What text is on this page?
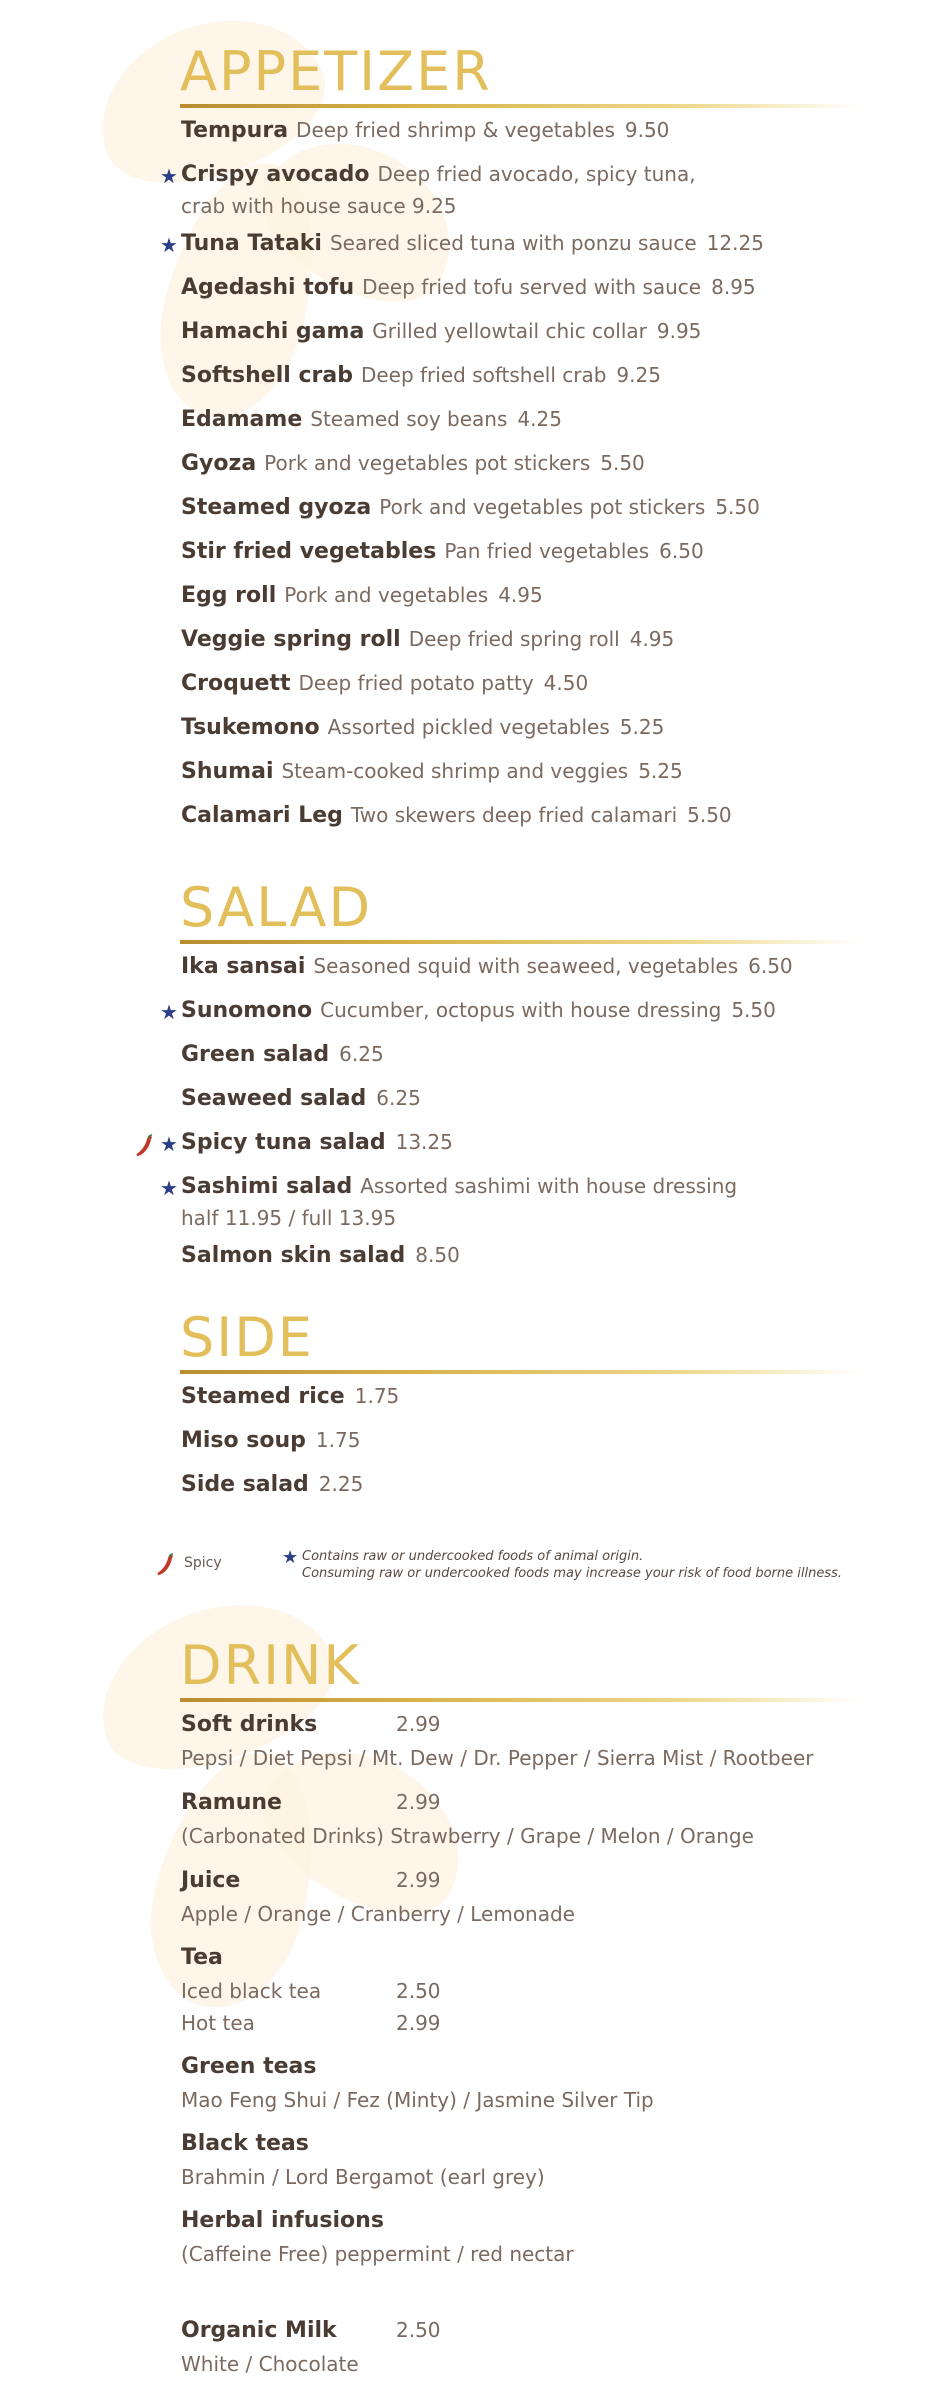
APPETIZER
Tempura Deep fried shrimp & vegetables 9.50
★ Crispy avocado Deep fried avocado, spicy tuna,
crab with house sauce 9.25
★ Tuna Tataki Seared sliced tuna with ponzu sauce 12.25
Agedashi tofu Deep fried tofu served with sauce 8.95
Hamachi gama Grilled yellowtail chic collar 9.95
Softshell crab Deep fried softshell crab 9.25
Edamame Steamed soy beans 4.25
Gyoza Pork and vegetables pot stickers 5.50
Steamed gyoza Pork and vegetables pot stickers 5.50
Stir fried vegetables Pan fried vegetables 6.50
Egg roll Pork and vegetables 4.95
Veggie spring roll Deep fried spring roll 4.95
Croquett Deep fried potato patty 4.50
Tsukemono Assorted pickled vegetables 5.25
Shumai Steam-cooked shrimp and veggies 5.25
Calamari Leg Two skewers deep fried calamari 5.50
SALAD
Ika sansai Seasoned squid with seaweed, vegetables 6.50
★ Sunomono Cucumber, octopus with house dressing 5.50
Green salad 6.25
Seaweed salad 6.25
★ Spicy tuna salad 13.25
★ Sashimi salad Assorted sashimi with house dressing
half 11.95 / full 13.95
Salmon skin salad 8.50
SIDE
Steamed rice 1.75
Miso soup 1.75
Side salad 2.25
Spicy	★ Contains raw or undercooked foods of animal origin.
Consuming raw or undercooked foods may increase your risk of food borne illness.
DRINK
Soft drinks	2.99
Pepsi / Diet Pepsi / Mt. Dew / Dr. Pepper / Sierra Mist / Rootbeer
Ramune	2.99
(Carbonated Drinks) Strawberry / Grape / Melon / Orange
Juice	2.99
Apple / Orange / Cranberry / Lemonade
Tea
Iced black tea	2.50
Hot tea	2.99
Green teas
Mao Feng Shui / Fez (Minty) / Jasmine Silver Tip
Black teas
Brahmin / Lord Bergamot (earl grey)
Herbal infusions
(Caffeine Free) peppermint / red nectar
Organic Milk	2.50
White / Chocolate
